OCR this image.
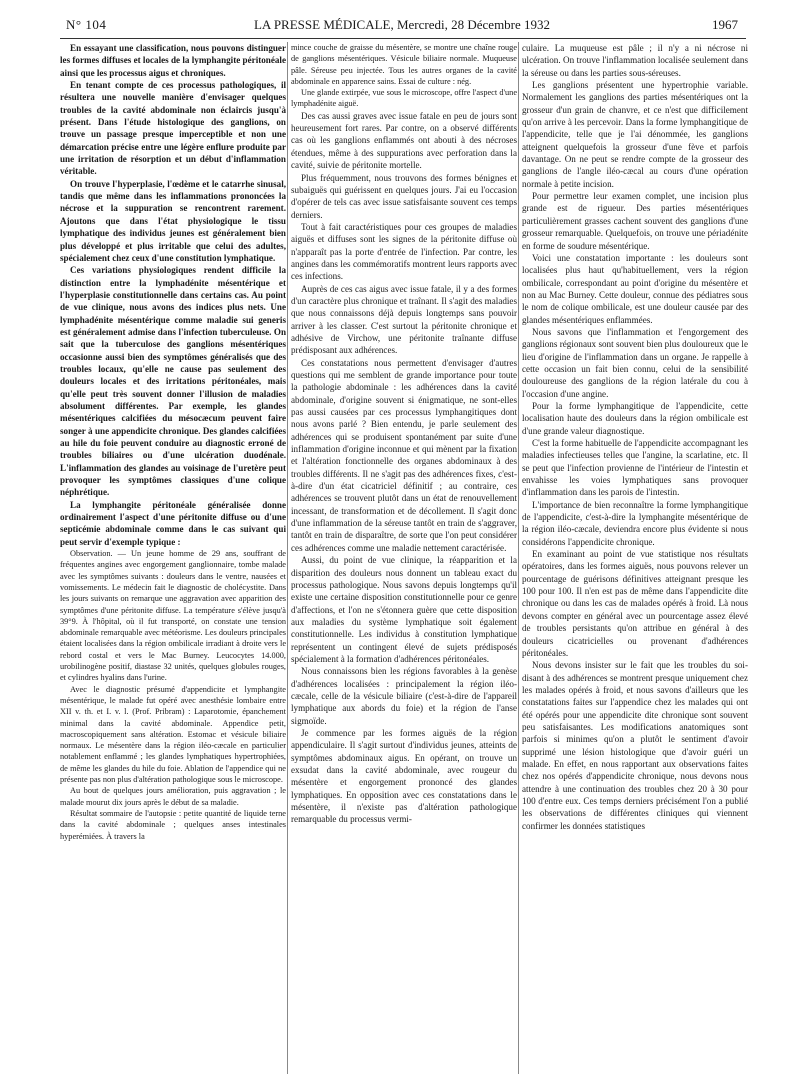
N° 104	LA PRESSE MÉDICALE, Mercredi, 28 Décembre 1932	1967

En essayant une classification, nous pouvons distinguer les formes diffuses et locales de la lymphangite péritonéale ainsi que les processus aigus et chroniques.

En tenant compte de ces processus pathologiques, il résultera une nouvelle manière d'envisager quelques troubles de la cavité abdominale non éclaircis jusqu'à présent. Dans l'étude histologique des ganglions, on trouve un passage presque imperceptible et non une démarcation précise entre une légère enflure produite par une irritation de résorption et un début d'inflammation véritable.

On trouve l'hyperplasie, l'œdème et le catarrhe sinusal, tandis que même dans les inflammations prononcées la nécrose et la suppuration se rencontrent rarement. Ajoutons que dans l'état physiologique le tissu lymphatique des individus jeunes est généralement bien plus développé et plus irritable que celui des adultes, spécialement chez ceux d'une constitution lymphatique.

Ces variations physiologiques rendent difficile la distinction entre la lymphadénite mésentérique et l'hyperplasie constitutionnelle dans certains cas. Au point de vue clinique, nous avons des indices plus nets. Une lymphadénite mésentérique comme maladie sui generis est généralement admise dans l'infection tuberculeuse. On sait que la tuberculose des ganglions mésentériques occasionne aussi bien des symptômes généralisés que des troubles locaux, qu'elle ne cause pas seulement des douleurs locales et des irritations péritonéales, mais qu'elle peut très souvent donner l'illusion de maladies absolument différentes. Par exemple, les glandes mésentériques calcifiées du mésocæcum peuvent faire songer à une appendicite chronique. Des glandes calcifiées au hile du foie peuvent conduire au diagnostic erroné de troubles biliaires ou d'une ulcération duodénale. L'inflammation des glandes au voisinage de l'uretère peut provoquer les symptômes classiques d'une colique néphrétique.

La lymphangite péritonéale généralisée donne ordinairement l'aspect d'une péritonite diffuse ou d'une septicémie abdominale comme dans le cas suivant qui peut servir d'exemple typique :

Observation. — Un jeune homme de 29 ans, souffrant de fréquentes angines avec engorgement ganglionnaire, tombe malade avec les symptômes suivants : douleurs dans le ventre, nausées et vomissements. Le médecin fait le diagnostic de cholécystite. Dans les jours suivants on remarque une aggravation avec apparition des symptômes d'une péritonite diffuse. La température s'élève jusqu'à 39°9. À l'hôpital, où il fut transporté, on constate une tension abdominale remarquable avec météorisme. Les douleurs principales étaient localisées dans la région ombilicale irradiant à droite vers le rebord costal et vers le Mac Burney. Leucocytes 14.000, urobilinogène positif, diastase 32 unités, quelques globules rouges, et cylindres hyalins dans l'urine.

Avec le diagnostic présumé d'appendicite et lymphangite mésentérique, le malade fut opéré avec anesthésie lombaire entre XII v. th. et I. v. l. (Prof. Pribram) : Laparotomie, épanchement minimal dans la cavité abdominale. Appendice petit, macroscopiquement sans altération. Estomac et vésicule biliaire normaux. Le mésentère dans la région iléo-cæcale en particulier notablement enflammé ; les glandes lymphatiques hypertrophiées, de même les glandes du hile du foie. Ablation de l'appendice qui ne présente pas non plus d'altération pathologique sous le microscope.

Au bout de quelques jours amélioration, puis aggravation ; le malade mourut dix jours après le début de sa maladie.

Résultat sommaire de l'autopsie : petite quantité de liquide terne dans la cavité abdominale ; quelques anses intestinales hyperémiées. À travers la

mince couche de graisse du mésentère, se montre une chaîne rouge de ganglions mésentériques. Vésicule biliaire normale. Muqueuse pâle. Séreuse peu injectée. Tous les autres organes de la cavité abdominale en apparence sains. Essai de culture : nég.

Une glande extirpée, vue sous le microscope, offre l'aspect d'une lymphadénite aiguë.

Des cas aussi graves avec issue fatale en peu de jours sont heureusement fort rares. Par contre, on a observé différents cas où les ganglions enflammés ont abouti à des nécroses étendues, même à des suppurations avec perforation dans la cavité, suivie de péritonite mortelle.

Plus fréquemment, nous trouvons des formes bénignes et subaiguës qui guérissent en quelques jours. J'ai eu l'occasion d'opérer de tels cas avec issue satisfaisante souvent ces temps derniers.

Tout à fait caractéristiques pour ces groupes de maladies aiguës et diffuses sont les signes de la péritonite diffuse où n'apparaît pas la porte d'entrée de l'infection. Par contre, les angines dans les commémoratifs montrent leurs rapports avec ces infections.

Auprès de ces cas aigus avec issue fatale, il y a des formes d'un caractère plus chronique et traînant. Il s'agit des maladies que nous connaissons déjà depuis longtemps sans pouvoir arriver à les classer. C'est surtout la péritonite chronique et adhésive de Virchow, une péritonite traînante diffuse prédisposant aux adhérences.

Ces constatations nous permettent d'envisager d'autres questions qui me semblent de grande importance pour toute la pathologie abdominale : les adhérences dans la cavité abdominale, d'origine souvent si énigmatique, ne sont-elles pas aussi causées par ces processus lymphangitiques dont nous avons parlé ? Bien entendu, je parle seulement des adhérences qui se produisent spontanément par suite d'une inflammation d'origine inconnue et qui mènent par la fixation et l'altération fonctionnelle des organes abdominaux à des troubles différents. Il ne s'agit pas des adhérences fixes, c'est-à-dire d'un état cicatriciel définitif ; au contraire, ces adhérences se trouvent plutôt dans un état de renouvellement incessant, de transformation et de décollement. Il s'agit donc d'une inflammation de la séreuse tantôt en train de s'aggraver, tantôt en train de disparaître, de sorte que l'on peut considérer ces adhérences comme une maladie nettement caractérisée.

Aussi, du point de vue clinique, la réapparition et la disparition des douleurs nous donnent un tableau exact du processus pathologique. Nous savons depuis longtemps qu'il existe une certaine disposition constitutionnelle pour ce genre d'affections, et l'on ne s'étonnera guère que cette disposition aux maladies du système lymphatique soit également constitutionnelle. Les individus à constitution lymphatique représentent un contingent élevé de sujets prédisposés spécialement à la formation d'adhérences péritonéales.

Nous connaissons bien les régions favorables à la genèse d'adhérences localisées : principalement la région iléo-cæcale, celle de la vésicule biliaire (c'est-à-dire de l'appareil lymphatique aux abords du foie) et la région de l'anse sigmoïde.

Je commence par les formes aiguës de la région appendiculaire. Il s'agit surtout d'individus jeunes, atteints de symptômes abdominaux aigus. En opérant, on trouve un exsudat dans la cavité abdominale, avec rougeur du mésentère et engorgement prononcé des glandes lymphatiques. En opposition avec ces constatations dans le mésentère, il n'existe pas d'altération pathologique remarquable du processus vermi-

culaire. La muqueuse est pâle ; il n'y a ni nécrose ni ulcération. On trouve l'inflammation localisée seulement dans la séreuse ou dans les parties sous-séreuses.

Les ganglions présentent une hypertrophie variable. Normalement les ganglions des parties mésentériques ont la grosseur d'un grain de chanvre, et ce n'est que difficilement qu'on arrive à les percevoir. Dans la forme lymphangitique de l'appendicite, telle que je l'ai dénommée, les ganglions atteignent quelquefois la grosseur d'une fève et parfois davantage. On ne peut se rendre compte de la grosseur des ganglions de l'angle iléo-cæcal au cours d'une opération normale à petite incision.

Pour permettre leur examen complet, une incision plus grande est de rigueur. Des parties mésentériques particulièrement grasses cachent souvent des ganglions d'une grosseur remarquable. Quelquefois, on trouve une périadénite en forme de soudure mésentérique.

Voici une constatation importante : les douleurs sont localisées plus haut qu'habituellement, vers la région ombilicale, correspondant au point d'origine du mésentère et non au Mac Burney. Cette douleur, connue des pédiatres sous le nom de colique ombilicale, est une douleur causée par des glandes mésentériques enflammées.

Nous savons que l'inflammation et l'engorgement des ganglions régionaux sont souvent bien plus douloureux que le lieu d'origine de l'inflammation dans un organe. Je rappelle à cette occasion un fait bien connu, celui de la sensibilité douloureuse des ganglions de la région latérale du cou à l'occasion d'une angine.

Pour la forme lymphangitique de l'appendicite, cette localisation haute des douleurs dans la région ombilicale est d'une grande valeur diagnostique.

C'est la forme habituelle de l'appendicite accompagnant les maladies infectieuses telles que l'angine, la scarlatine, etc. Il se peut que l'infection provienne de l'intérieur de l'intestin et envahisse les voies lymphatiques sans provoquer d'inflammation dans les parois de l'intestin.

L'importance de bien reconnaître la forme lymphangitique de l'appendicite, c'est-à-dire la lymphangite mésentérique de la région iléo-cæcale, deviendra encore plus évidente si nous considérons l'appendicite chronique.

En examinant au point de vue statistique nos résultats opératoires, dans les formes aiguës, nous pouvons relever un pourcentage de guérisons définitives atteignant presque les 100 pour 100. Il n'en est pas de même dans l'appendicite dite chronique ou dans les cas de malades opérés à froid. Là nous devons compter en général avec un pourcentage assez élevé de troubles persistants qu'on attribue en général à des douleurs cicatricielles ou provenant d'adhérences péritonéales.

Nous devons insister sur le fait que les troubles du soi-disant à des adhérences se montrent presque uniquement chez les malades opérés à froid, et nous savons d'ailleurs que les constatations faites sur l'appendice chez les malades qui ont été opérés pour une appendicite dite chronique sont souvent peu satisfaisantes. Les modifications anatomiques sont parfois si minimes qu'on a plutôt le sentiment d'avoir supprimé une lésion histologique que d'avoir guéri un malade. En effet, en nous rapportant aux observations faites chez nos opérés d'appendicite chronique, nous devons nous attendre à une continuation des troubles chez 20 à 30 pour 100 d'entre eux. Ces temps derniers précisément l'on a publié les observations de différentes cliniques qui viennent confirmer les données statistiques
